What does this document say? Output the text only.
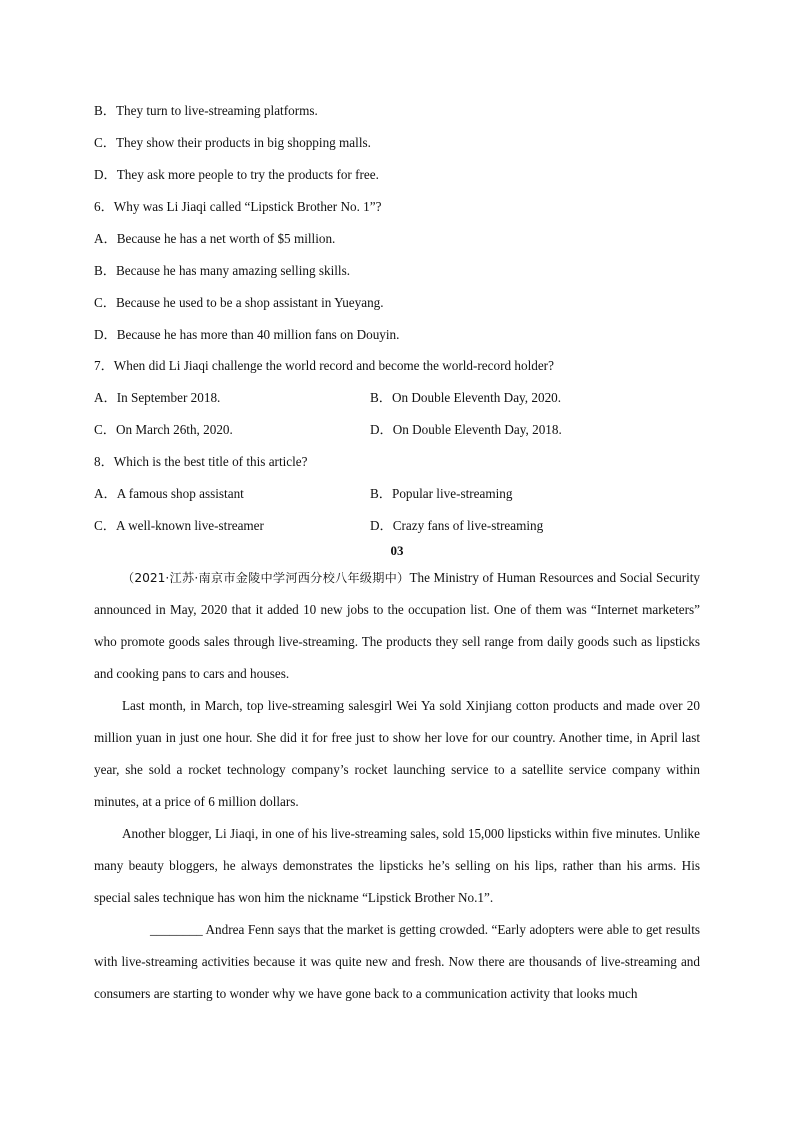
B．They turn to live-streaming platforms.
C．They show their products in big shopping malls.
D．They ask more people to try the products for free.
6．Why was Li Jiaqi called “Lipstick Brother No. 1”?
A．Because he has a net worth of $5 million.
B．Because he has many amazing selling skills.
C．Because he used to be a shop assistant in Yueyang.
D．Because he has more than 40 million fans on Douyin.
7．When did Li Jiaqi challenge the world record and become the world-record holder?
A．In September 2018.	B．On Double Eleventh Day, 2020.
C．On March 26th, 2020.	D．On Double Eleventh Day, 2018.
8．Which is the best title of this article?
A．A famous shop assistant	B．Popular live-streaming
C．A well-known live-streamer	D．Crazy fans of live-streaming
03

（2021·江苏·南京市金陵中学河西分校八年级期中）The Ministry of Human Resources and Social Security announced in May, 2020 that it added 10 new jobs to the occupation list. One of them was “Internet marketers” who promote goods sales through live-streaming. The products they sell range from daily goods such as lipsticks and cooking pans to cars and houses.

Last month, in March, top live-streaming salesgirl Wei Ya sold Xinjiang cotton products and made over 20 million yuan in just one hour. She did it for free just to show her love for our country. Another time, in April last year, she sold a rocket technology company’s rocket launching service to a satellite service company within minutes, at a price of 6 million dollars.

Another blogger, Li Jiaqi, in one of his live-streaming sales, sold 15,000 lipsticks within five minutes. Unlike many beauty bloggers, he always demonstrates the lipsticks he’s selling on his lips, rather than his arms. His special sales technique has won him the nickname “Lipstick Brother No.1”.

________ Andrea Fenn says that the market is getting crowded. “Early adopters were able to get results with live-streaming activities because it was quite new and fresh. Now there are thousands of live-streaming and consumers are starting to wonder why we have gone back to a communication activity that looks much
